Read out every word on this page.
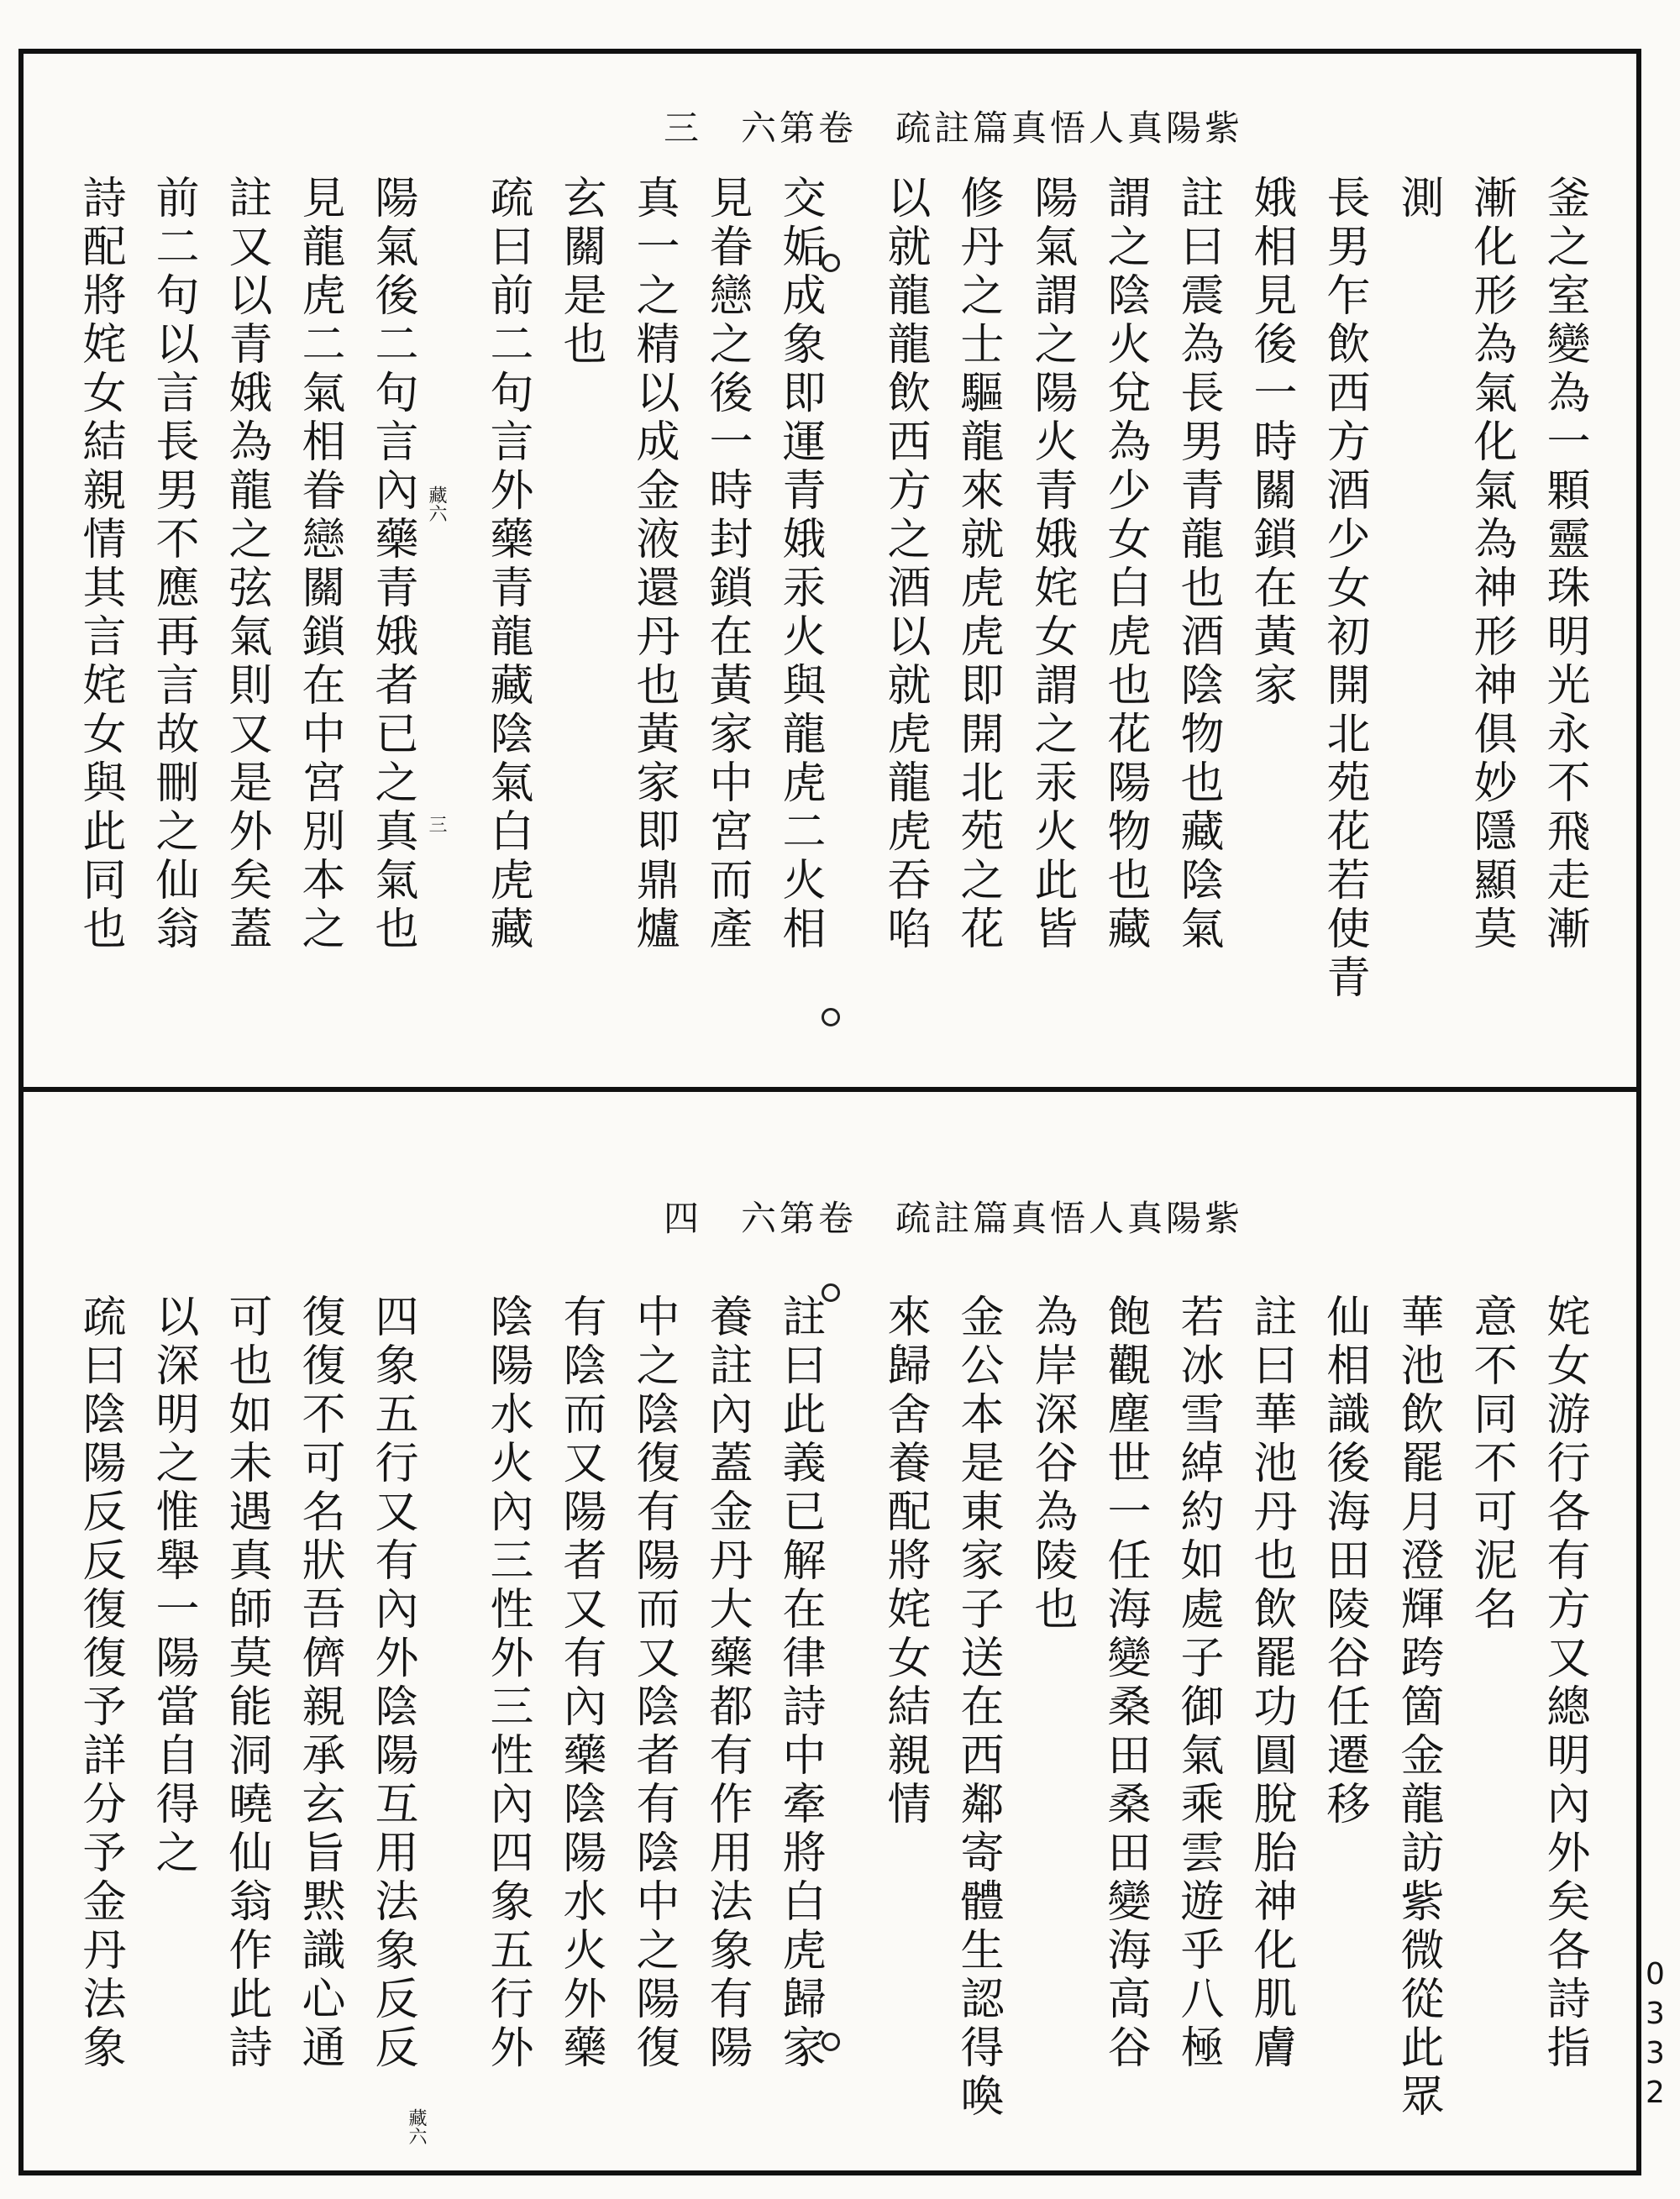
紫陽真人悟真篇註疏　卷第六　三
釜之室變為一顆靈珠明光永不飛走漸
漸化形為氣化氣為神形神俱妙隱顯莫
測
長男乍飲西方酒少女初開北苑花若使青
娥相見後一時關鎖在黃家
註曰震為長男青龍也酒陰物也藏陰氣
謂之陰火兌為少女白虎也花陽物也藏
陽氣謂之陽火青娥姹女謂之汞火此皆
修丹之士驅龍來就虎虎即開北苑之花
以就龍龍飲西方之酒以就虎龍虎吞啗
交姤成象即運青娥汞火與龍虎二火相
見眷戀之後一時封鎖在黃家中宮而產
真一之精以成金液還丹也黃家即鼎爐
玄關是也
疏曰前二句言外藥青龍藏陰氣白虎藏
陽氣後二句言內藥青娥者已之真氣也
見龍虎二氣相眷戀關鎖在中宮別本之
註又以青娥為龍之弦氣則又是外矣蓋
前二句以言長男不應再言故刪之仙翁
詩配將姹女結親情其言姹女與此同也	藏六
三
紫陽真人悟真篇註疏　卷第六　四
姹女游行各有方又總明內外矣各詩指
意不同不可泥名
華池飲罷月澄輝跨箇金龍訪紫微從此眾
仙相識後海田陵谷任遷移
註曰華池丹也飲罷功圓脫胎神化肌膚
若冰雪綽約如處子御氣乘雲遊乎八極
飽觀塵世一任海變桑田桑田變海高谷
為岸深谷為陵也
金公本是東家子送在西鄰寄體生認得喚
來歸舍養配將姹女結親情
註曰此義已解在律詩中牽將白虎歸家
養註內蓋金丹大藥都有作用法象有陽
中之陰復有陽而又陰者有陰中之陽復
有陰而又陽者又有內藥陰陽水火外藥
陰陽水火內三性外三性內四象五行外
四象五行又有內外陰陽互用法象反反
復復不可名狀吾儕親承玄旨黙識心通
可也如未遇真師莫能洞曉仙翁作此詩
以深明之惟舉一陽當自得之
疏曰陰陽反反復復予詳分予金丹法象
藏六
0332
